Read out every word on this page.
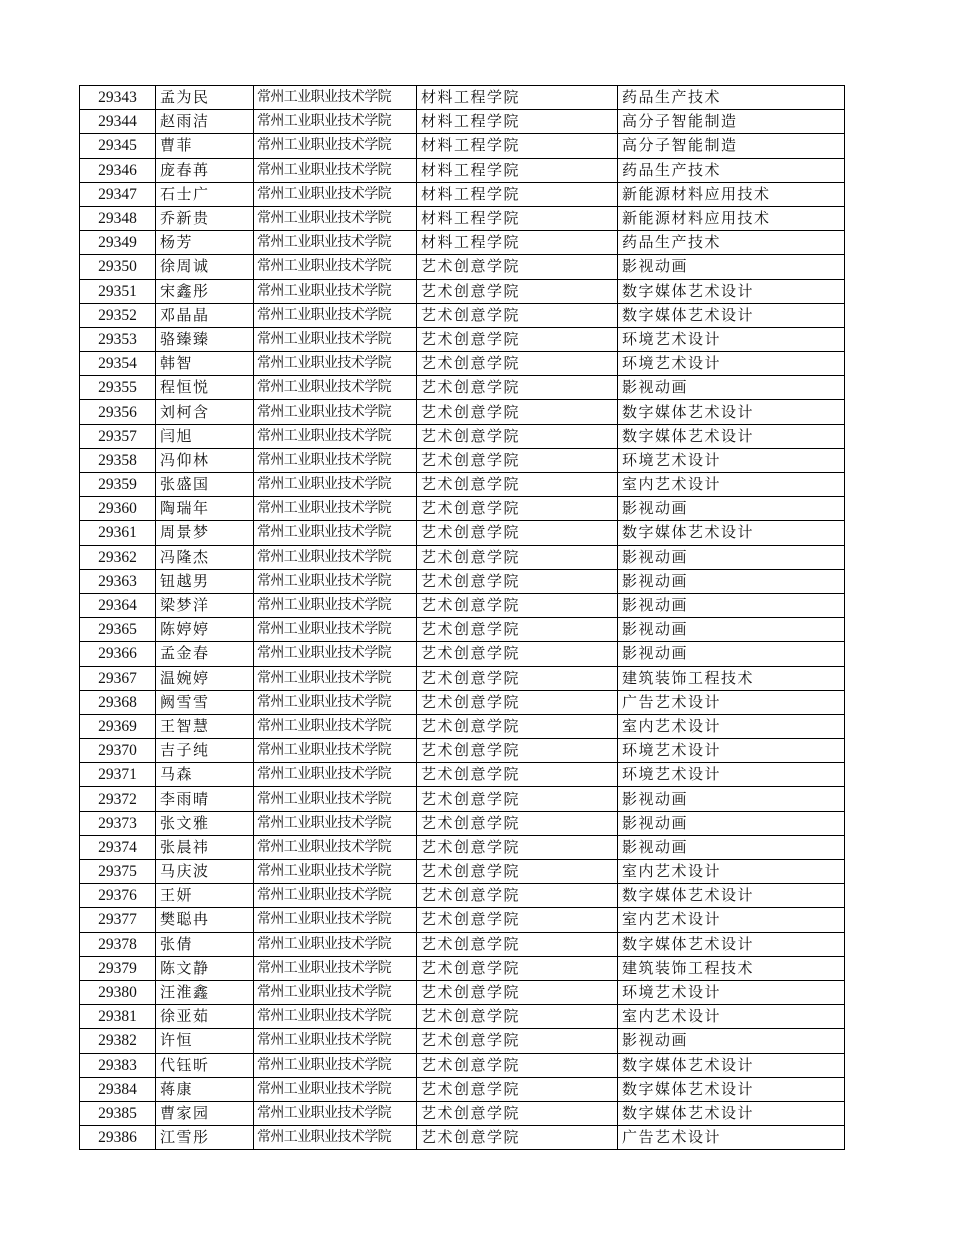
29343	孟为民	常州工业职业技术学院	材料工程学院	药品生产技术
29344	赵雨洁	常州工业职业技术学院	材料工程学院	高分子智能制造
29345	曹菲	常州工业职业技术学院	材料工程学院	高分子智能制造
29346	庞春苒	常州工业职业技术学院	材料工程学院	药品生产技术
29347	石士广	常州工业职业技术学院	材料工程学院	新能源材料应用技术
29348	乔新贵	常州工业职业技术学院	材料工程学院	新能源材料应用技术
29349	杨芳	常州工业职业技术学院	材料工程学院	药品生产技术
29350	徐周诚	常州工业职业技术学院	艺术创意学院	影视动画
29351	宋鑫彤	常州工业职业技术学院	艺术创意学院	数字媒体艺术设计
29352	邓晶晶	常州工业职业技术学院	艺术创意学院	数字媒体艺术设计
29353	骆臻臻	常州工业职业技术学院	艺术创意学院	环境艺术设计
29354	韩智	常州工业职业技术学院	艺术创意学院	环境艺术设计
29355	程恒悦	常州工业职业技术学院	艺术创意学院	影视动画
29356	刘柯含	常州工业职业技术学院	艺术创意学院	数字媒体艺术设计
29357	闫旭	常州工业职业技术学院	艺术创意学院	数字媒体艺术设计
29358	冯仰林	常州工业职业技术学院	艺术创意学院	环境艺术设计
29359	张盛国	常州工业职业技术学院	艺术创意学院	室内艺术设计
29360	陶瑞年	常州工业职业技术学院	艺术创意学院	影视动画
29361	周景梦	常州工业职业技术学院	艺术创意学院	数字媒体艺术设计
29362	冯隆杰	常州工业职业技术学院	艺术创意学院	影视动画
29363	钮越男	常州工业职业技术学院	艺术创意学院	影视动画
29364	梁梦洋	常州工业职业技术学院	艺术创意学院	影视动画
29365	陈婷婷	常州工业职业技术学院	艺术创意学院	影视动画
29366	孟金春	常州工业职业技术学院	艺术创意学院	影视动画
29367	温婉婷	常州工业职业技术学院	艺术创意学院	建筑装饰工程技术
29368	阙雪雪	常州工业职业技术学院	艺术创意学院	广告艺术设计
29369	王智慧	常州工业职业技术学院	艺术创意学院	室内艺术设计
29370	吉子纯	常州工业职业技术学院	艺术创意学院	环境艺术设计
29371	马森	常州工业职业技术学院	艺术创意学院	环境艺术设计
29372	李雨晴	常州工业职业技术学院	艺术创意学院	影视动画
29373	张文雅	常州工业职业技术学院	艺术创意学院	影视动画
29374	张晨祎	常州工业职业技术学院	艺术创意学院	影视动画
29375	马庆波	常州工业职业技术学院	艺术创意学院	室内艺术设计
29376	王妍	常州工业职业技术学院	艺术创意学院	数字媒体艺术设计
29377	樊聪冉	常州工业职业技术学院	艺术创意学院	室内艺术设计
29378	张倩	常州工业职业技术学院	艺术创意学院	数字媒体艺术设计
29379	陈文静	常州工业职业技术学院	艺术创意学院	建筑装饰工程技术
29380	汪淮鑫	常州工业职业技术学院	艺术创意学院	环境艺术设计
29381	徐亚茹	常州工业职业技术学院	艺术创意学院	室内艺术设计
29382	许恒	常州工业职业技术学院	艺术创意学院	影视动画
29383	代钰昕	常州工业职业技术学院	艺术创意学院	数字媒体艺术设计
29384	蒋康	常州工业职业技术学院	艺术创意学院	数字媒体艺术设计
29385	曹家园	常州工业职业技术学院	艺术创意学院	数字媒体艺术设计
29386	江雪彤	常州工业职业技术学院	艺术创意学院	广告艺术设计
